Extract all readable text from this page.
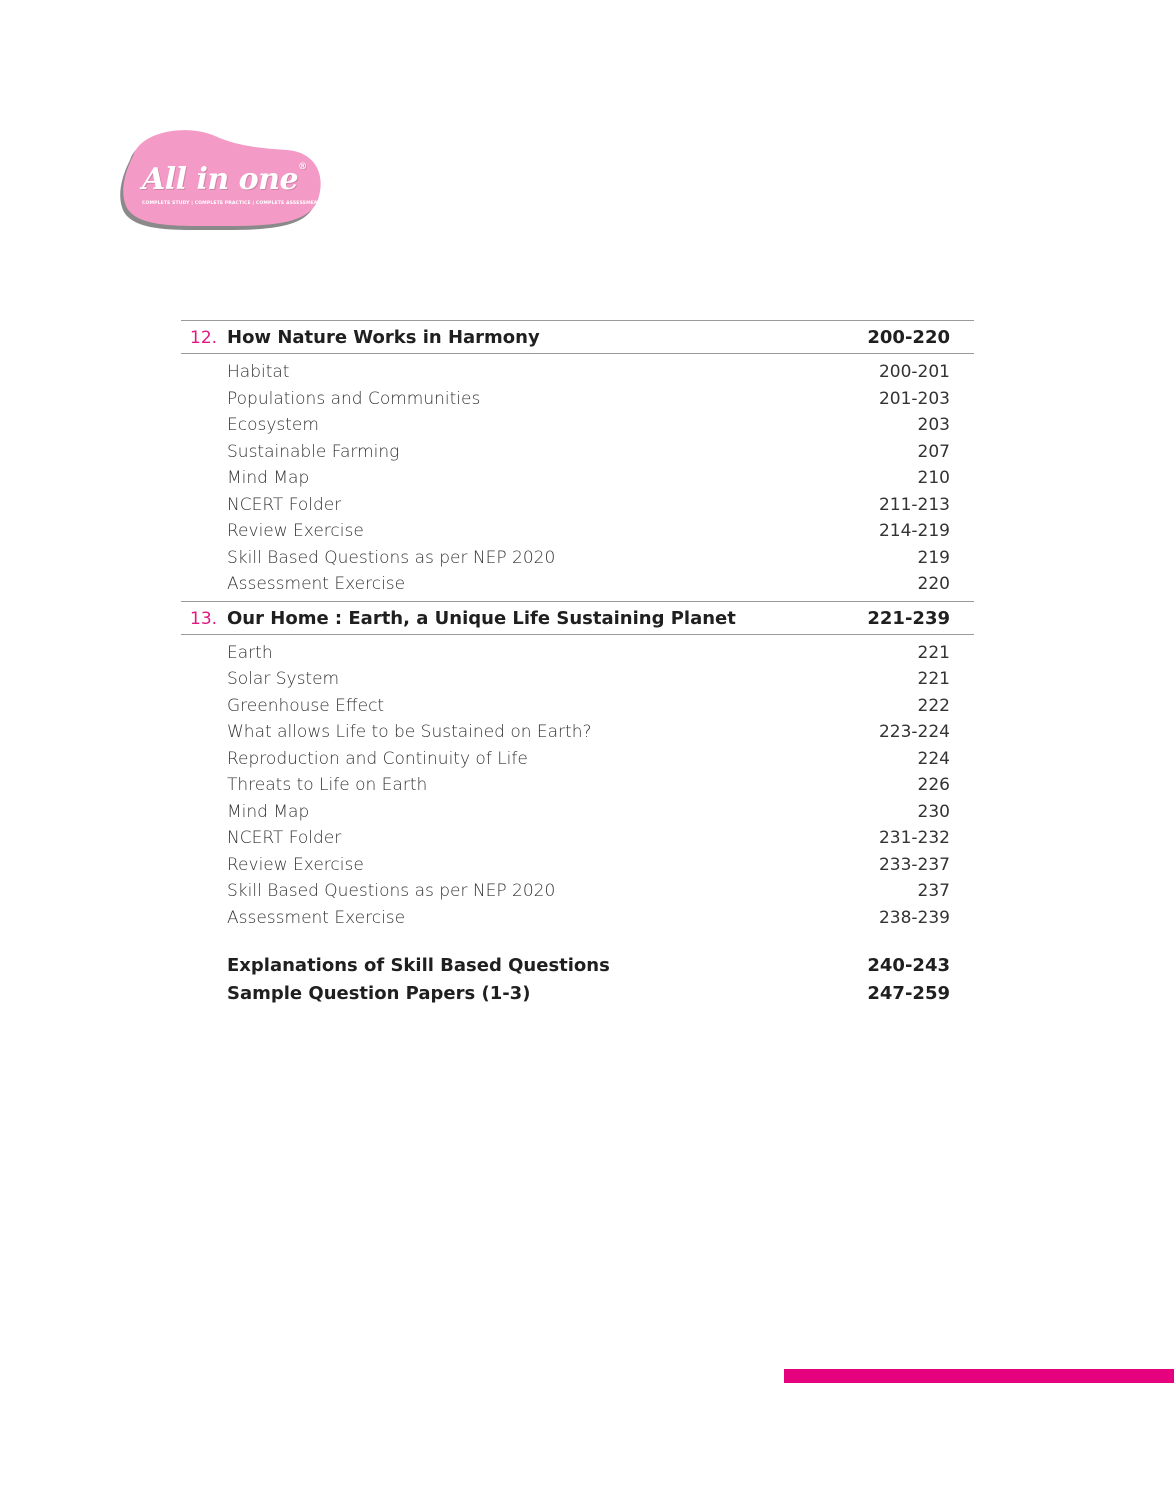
All in one®
COMPLETE STUDY | COMPLETE PRACTICE | COMPLETE ASSESSMENT
12. How Nature Works in Harmony	200-220
Habitat	200-201
Populations and Communities	201-203
Ecosystem	203
Sustainable Farming	207
Mind Map	210
NCERT Folder	211-213
Review Exercise	214-219
Skill Based Questions as per NEP 2020	219
Assessment Exercise	220
13. Our Home : Earth, a Unique Life Sustaining Planet	221-239
Earth	221
Solar System	221
Greenhouse Effect	222
What allows Life to be Sustained on Earth?	223-224
Reproduction and Continuity of Life	224
Threats to Life on Earth	226
Mind Map	230
NCERT Folder	231-232
Review Exercise	233-237
Skill Based Questions as per NEP 2020	237
Assessment Exercise	238-239
Explanations of Skill Based Questions	240-243
Sample Question Papers (1-3)	247-259
